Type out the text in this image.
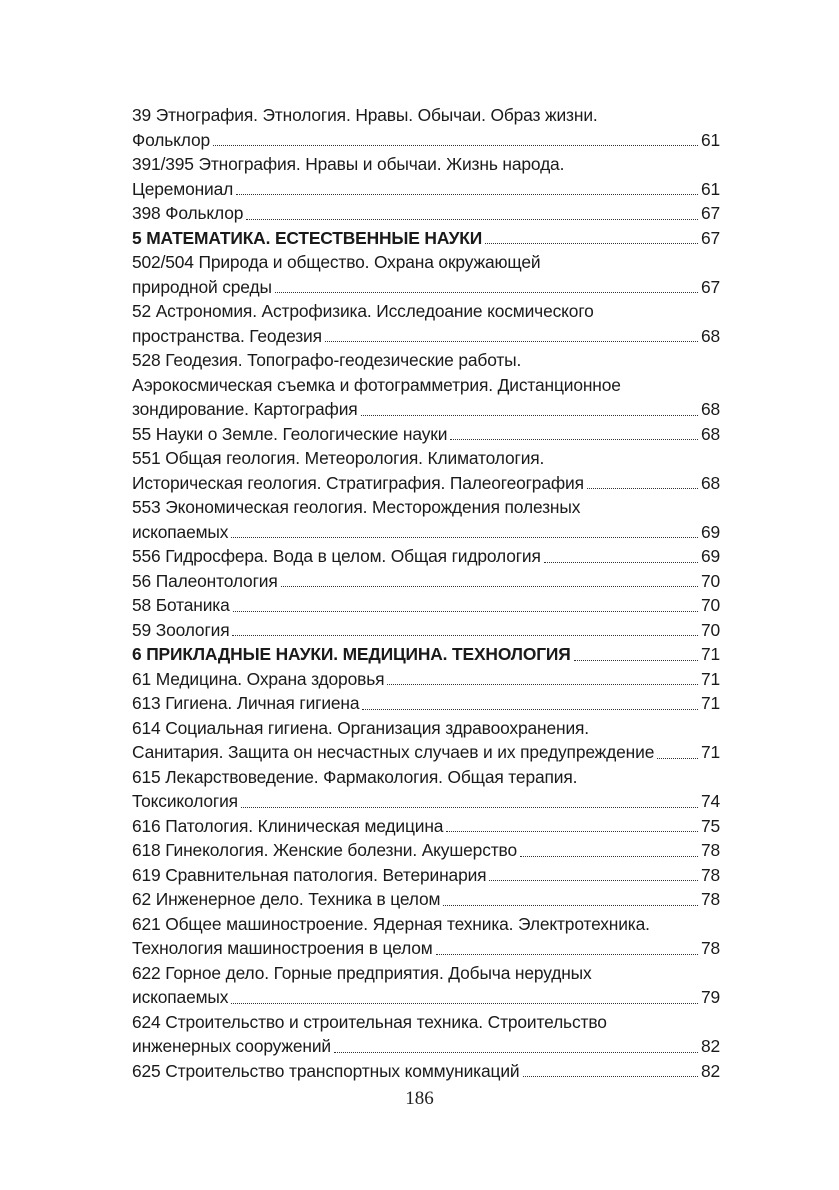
39 Этнография. Этнология. Нравы. Обычаи. Образ жизни.
Фольклор	61
391/395 Этнография. Нравы и обычаи. Жизнь народа.
Церемониал	61
398 Фольклор	67
5 МАТЕМАТИКА. ЕСТЕСТВЕННЫЕ НАУКИ	67
502/504 Природа и общество. Охрана окружающей
природной среды	67
52 Астрономия. Астрофизика. Исследоание космического
пространства. Геодезия	68
528 Геодезия. Топографо-геодезические работы.
Аэрокосмическая съемка и фотограмметрия. Дистанционное
зондирование. Картография	68
55 Науки о Земле. Геологические науки	68
551 Общая геология. Метеорология. Климатология.
Историческая геология. Стратиграфия. Палеогеография	68
553 Экономическая геология. Месторождения полезных
ископаемых	69
556 Гидросфера. Вода в целом. Общая гидрология	69
56 Палеонтология	70
58 Ботаника	70
59 Зоология	70
6 ПРИКЛАДНЫЕ НАУКИ. МЕДИЦИНА. ТЕХНОЛОГИЯ	71
61 Медицина. Охрана здоровья	71
613 Гигиена. Личная гигиена	71
614 Социальная гигиена. Организация здравоохранения.
Санитария. Защита он несчастных случаев и их предупреждение	71
615 Лекарствоведение. Фармакология. Общая терапия.
Токсикология	74
616 Патология. Клиническая медицина	75
618 Гинекология. Женские болезни. Акушерство	78
619 Сравнительная патология. Ветеринария	78
62 Инженерное дело. Техника в целом	78
621 Общее машиностроение. Ядерная техника. Электротехника.
Технология машиностроения в целом	78
622 Горное дело. Горные предприятия. Добыча нерудных
ископаемых	79
624 Строительство и строительная техника. Строительство
инженерных сооружений	82
625 Строительство транспортных коммуникаций	82
186
